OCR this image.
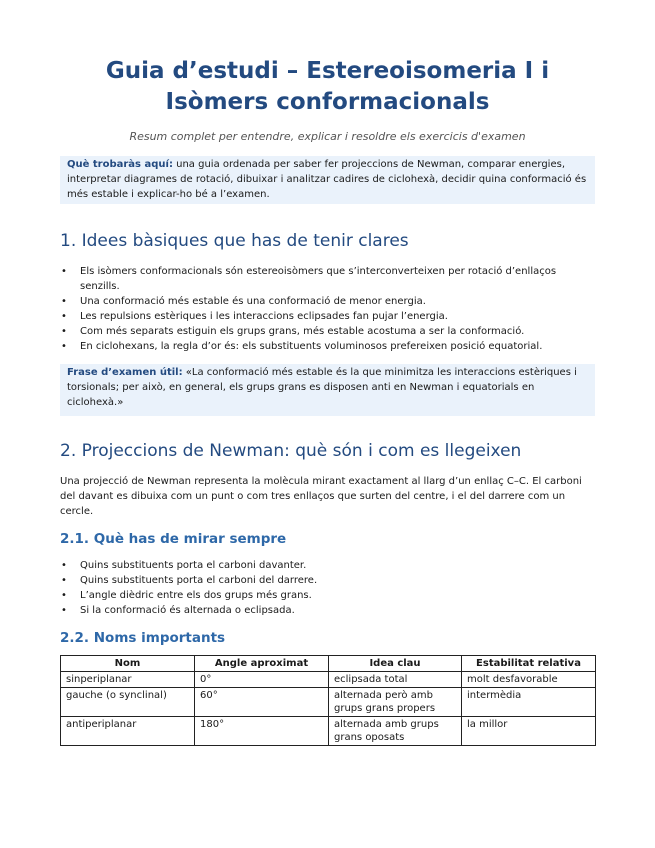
Guia d’estudi – Estereoisomeria I i
Isòmers conformacionals
Resum complet per entendre, explicar i resoldre els exercicis d'examen
Què trobaràs aquí: una guia ordenada per saber fer projeccions de Newman, comparar energies, interpretar diagrames de rotació, dibuixar i analitzar cadires de ciclohexà, decidir quina conformació és més estable i explicar-ho bé a l’examen.
1. Idees bàsiques que has de tenir clares
• Els isòmers conformacionals són estereoisòmers que s’interconverteixen per rotació d’enllaços senzills.
• Una conformació més estable és una conformació de menor energia.
• Les repulsions estèriques i les interaccions eclipsades fan pujar l’energia.
• Com més separats estiguin els grups grans, més estable acostuma a ser la conformació.
• En ciclohexans, la regla d’or és: els substituents voluminosos prefereixen posició equatorial.
Frase d’examen útil: «La conformació més estable és la que minimitza les interaccions estèriques i torsionals; per això, en general, els grups grans es disposen anti en Newman i equatorials en ciclohexà.»
2. Projeccions de Newman: què són i com es llegeixen

Una projecció de Newman representa la molècula mirant exactament al llarg d’un enllaç C–C. El carboni del davant es dibuixa com un punt o com tres enllaços que surten del centre, i el del darrere com un cercle.

2.1. Què has de mirar sempre
• Quins substituents porta el carboni davanter.
• Quins substituents porta el carboni del darrere.
• L’angle dièdric entre els dos grups més grans.
• Si la conformació és alternada o eclipsada.
2.2. Noms importants
Nom	Angle aproximat	Idea clau	Estabilitat relativa
sinperiplanar	0°	eclipsada total	molt desfavorable
gauche (o synclinal)	60°	alternada però amb grups grans propers	intermèdia
antiperiplanar	180°	alternada amb grups grans oposats	la millor
